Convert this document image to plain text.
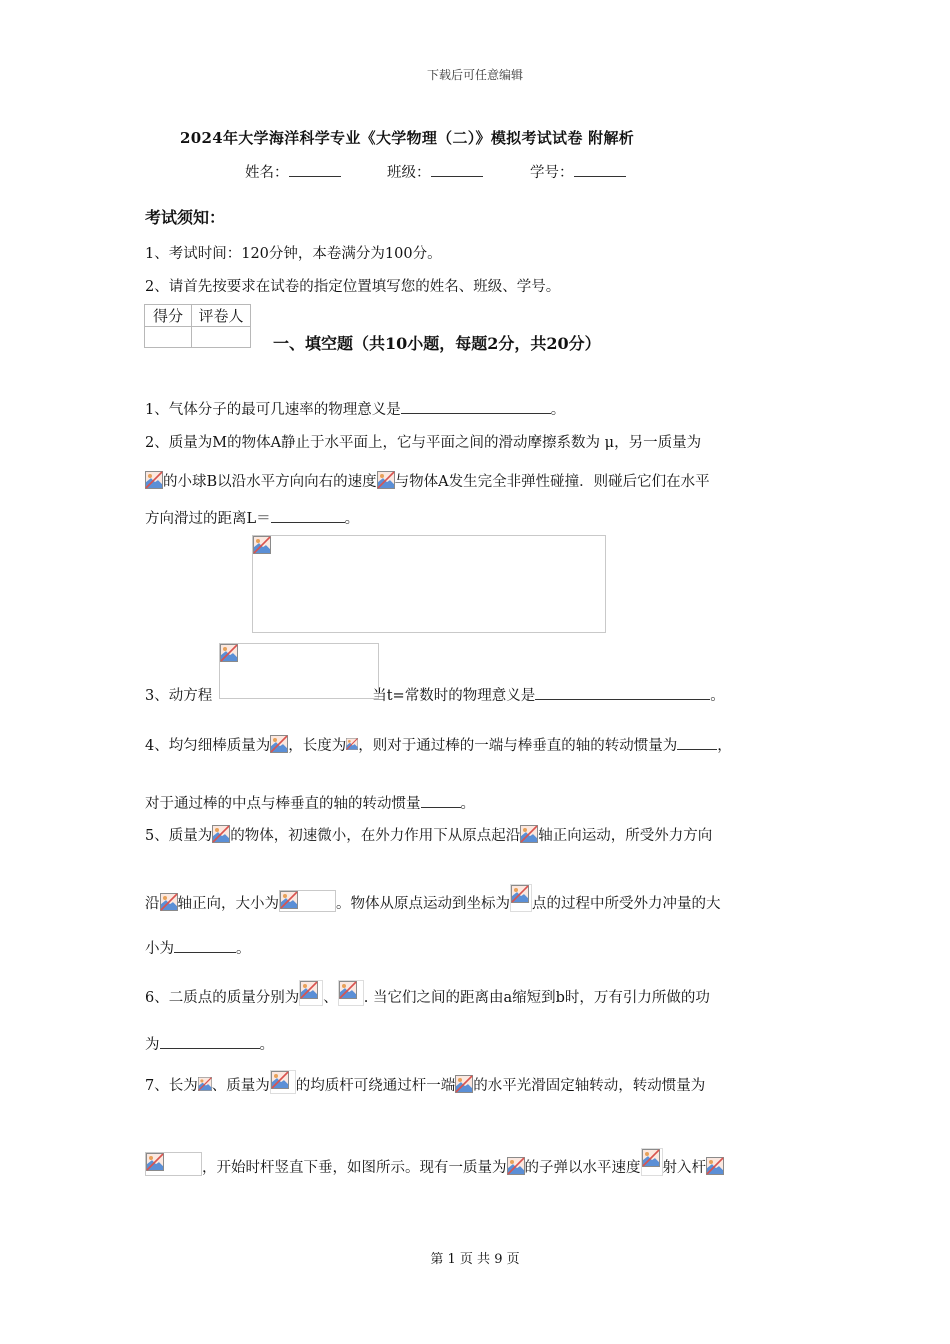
下载后可任意编辑
2024年大学海洋科学专业《大学物理（二）》模拟考试试卷 附解析
姓名：	班级：	学号：
考试须知：
1、考试时间：120分钟，本卷满分为100分。
2、请首先按要求在试卷的指定位置填写您的姓名、班级、学号。
得分	评卷人

一、填空题（共10小题，每题2分，共20分）
1、气体分子的最可几速率的物理意义是	。
2、质量为M的物体A静止于水平面上，它与平面之间的滑动摩擦系数为 μ，另一质量为
的小球B以沿水平方向向右的速度 与物体A发生完全非弹性碰撞．则碰后它们在水平
方向滑过的距离L＝	。
3、动方程	当t=常数时的物理意义是	。
4、均匀细棒质量为 ，长度为 ，则对于通过棒的一端与棒垂直的轴的转动惯量为	，
对于通过棒的中点与棒垂直的轴的转动惯量	。
5、质量为 的物体，初速微小，在外力作用下从原点起沿 轴正向运动，所受外力方向
沿 轴正向，大小为	。物体从原点运动到坐标为 点的过程中所受外力冲量的大
小为	。
6、二质点的质量分别为 、 . 当它们之间的距离由a缩短到b时，万有引力所做的功
为	。
7、长为 、质量为 的均质杆可绕通过杆一端 的水平光滑固定轴转动，转动惯量为
，开始时杆竖直下垂，如图所示。现有一质量为 的子弹以水平速度 射入杆
第 1 页 共 9 页
